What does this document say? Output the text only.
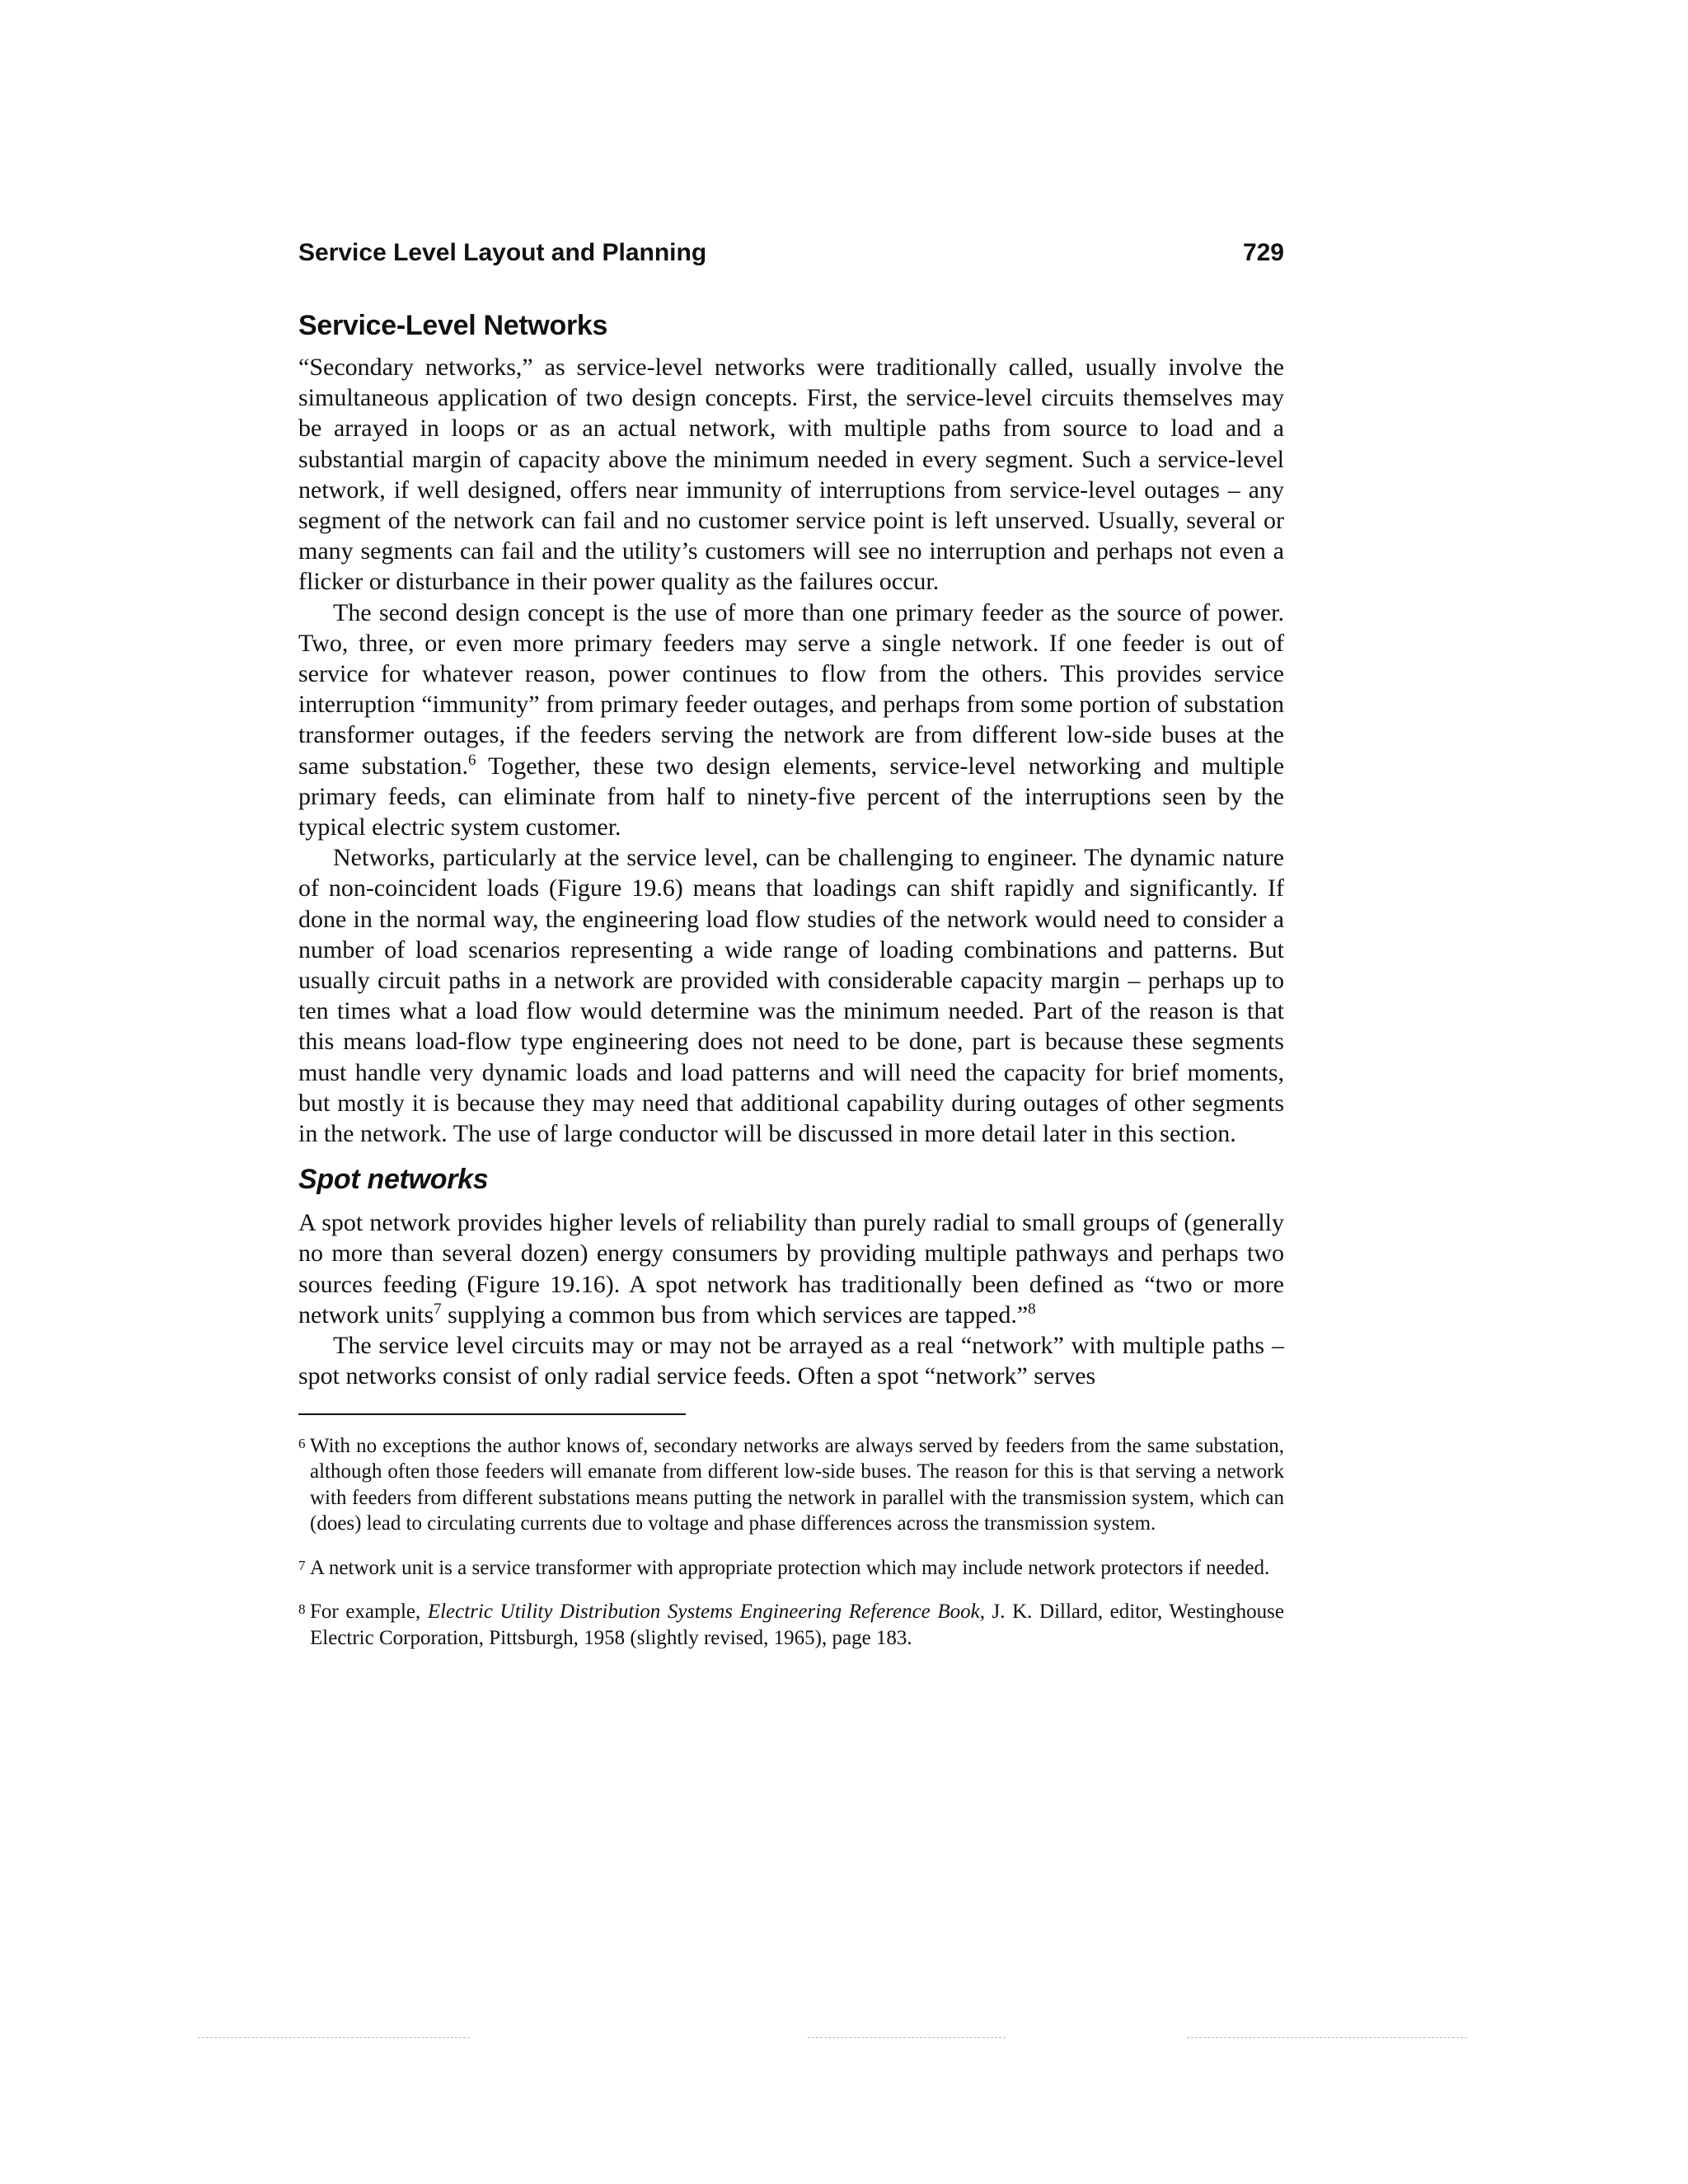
Service Level Layout and Planning	729
Service-Level Networks

“Secondary networks,” as service-level networks were traditionally called, usually involve the simultaneous application of two design concepts. First, the service-level circuits themselves may be arrayed in loops or as an actual network, with multiple paths from source to load and a substantial margin of capacity above the minimum needed in every segment. Such a service-level network, if well designed, offers near immunity of interruptions from service-level outages – any segment of the network can fail and no customer service point is left unserved. Usually, several or many segments can fail and the utility’s customers will see no interruption and perhaps not even a flicker or disturbance in their power quality as the failures occur.

The second design concept is the use of more than one primary feeder as the source of power. Two, three, or even more primary feeders may serve a single network. If one feeder is out of service for whatever reason, power continues to flow from the others. This provides service interruption “immunity” from primary feeder outages, and perhaps from some portion of substation transformer outages, if the feeders serving the network are from different low-side buses at the same substation.$^6$ Together, these two design elements, service-level networking and multiple primary feeds, can eliminate from half to ninety-five percent of the interruptions seen by the typical electric system customer.

Networks, particularly at the service level, can be challenging to engineer. The dynamic nature of non-coincident loads (Figure 19.6) means that loadings can shift rapidly and significantly. If done in the normal way, the engineering load flow studies of the network would need to consider a number of load scenarios representing a wide range of loading combinations and patterns. But usually circuit paths in a network are provided with considerable capacity margin – perhaps up to ten times what a load flow would determine was the minimum needed. Part of the reason is that this means load-flow type engineering does not need to be done, part is because these segments must handle very dynamic loads and load patterns and will need the capacity for brief moments, but mostly it is because they may need that additional capability during outages of other segments in the network. The use of large conductor will be discussed in more detail later in this section.

Spot networks

A spot network provides higher levels of reliability than purely radial to small groups of (generally no more than several dozen) energy consumers by providing multiple pathways and perhaps two sources feeding (Figure 19.16). A spot network has traditionally been defined as “two or more network units$^7$ supplying a common bus from which services are tapped.”$^8$

The service level circuits may or may not be arrayed as a real “network” with multiple paths – spot networks consist of only radial service feeds. Often a spot “network” serves

6 With no exceptions the author knows of, secondary networks are always served by feeders from the same substation, although often those feeders will emanate from different low-side buses. The reason for this is that serving a network with feeders from different substations means putting the network in parallel with the transmission system, which can (does) lead to circulating currents due to voltage and phase differences across the transmission system.
7 A network unit is a service transformer with appropriate protection which may include network protectors if needed.
8 For example, Electric Utility Distribution Systems Engineering Reference Book, J. K. Dillard, editor, Westinghouse Electric Corporation, Pittsburgh, 1958 (slightly revised, 1965), page 183.
